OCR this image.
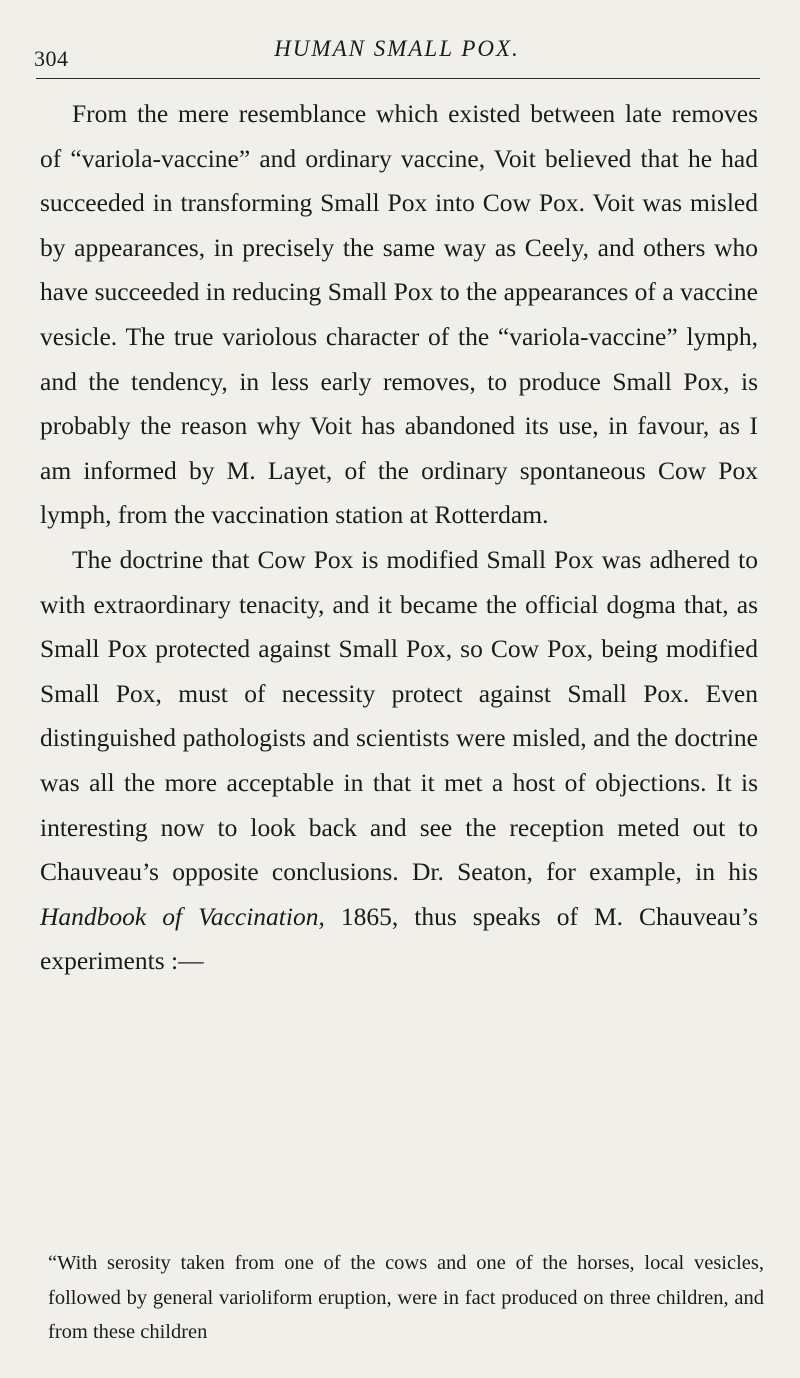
304	HUMAN SMALL POX.

From the mere resemblance which existed between late removes of “variola-vaccine” and ordinary vaccine, Voit believed that he had succeeded in transforming Small Pox into Cow Pox. Voit was misled by appearances, in precisely the same way as Ceely, and others who have succeeded in reducing Small Pox to the appearances of a vaccine vesicle. The true variolous character of the “variola-vaccine” lymph, and the tendency, in less early removes, to produce Small Pox, is probably the reason why Voit has abandoned its use, in favour, as I am informed by M. Layet, of the ordinary spontaneous Cow Pox lymph, from the vaccination station at Rotterdam.

The doctrine that Cow Pox is modified Small Pox was adhered to with extraordinary tenacity, and it became the official dogma that, as Small Pox protected against Small Pox, so Cow Pox, being modified Small Pox, must of necessity protect against Small Pox. Even distinguished pathologists and scientists were misled, and the doctrine was all the more acceptable in that it met a host of objections. It is interesting now to look back and see the reception meted out to Chauveau’s opposite conclusions. Dr. Seaton, for example, in his Handbook of Vaccination, 1865, thus speaks of M. Chauveau’s experiments :—

“With serosity taken from one of the cows and one of the horses, local vesicles, followed by general varioliform eruption, were in fact produced on three children, and from these children
